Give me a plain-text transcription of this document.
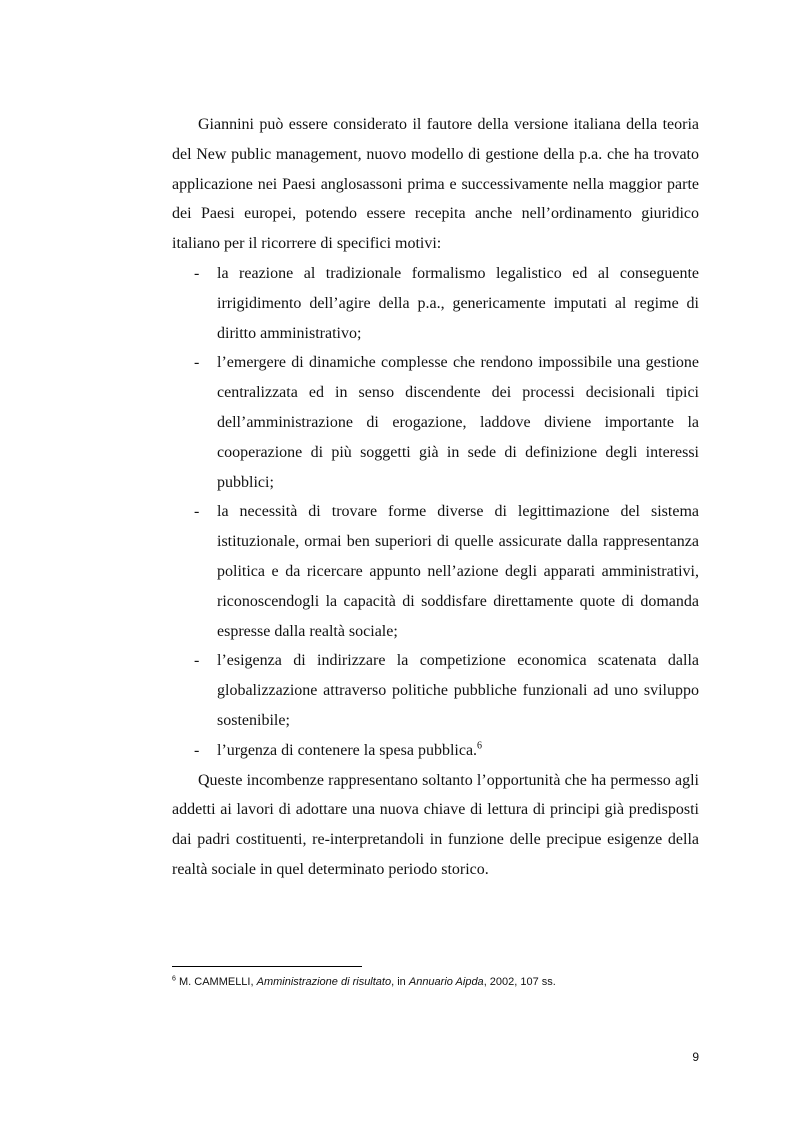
Giannini può essere considerato il fautore della versione italiana della teoria del New public management, nuovo modello di gestione della p.a. che ha trovato applicazione nei Paesi anglosassoni prima e successivamente nella maggior parte dei Paesi europei, potendo essere recepita anche nell’ordinamento giuridico italiano per il ricorrere di specifici motivi:

- la reazione al tradizionale formalismo legalistico ed al conseguente irrigidimento dell’agire della p.a., genericamente imputati al regime di diritto amministrativo;
- l’emergere di dinamiche complesse che rendono impossibile una gestione centralizzata ed in senso discendente dei processi decisionali tipici dell’amministrazione di erogazione, laddove diviene importante la cooperazione di più soggetti già in sede di definizione degli interessi pubblici;
- la necessità di trovare forme diverse di legittimazione del sistema istituzionale, ormai ben superiori di quelle assicurate dalla rappresentanza politica e da ricercare appunto nell’azione degli apparati amministrativi, riconoscendogli la capacità di soddisfare direttamente quote di domanda espresse dalla realtà sociale;
- l’esigenza di indirizzare la competizione economica scatenata dalla globalizzazione attraverso politiche pubbliche funzionali ad uno sviluppo sostenibile;
- l’urgenza di contenere la spesa pubblica.$^6$

Queste incombenze rappresentano soltanto l’opportunità che ha permesso agli addetti ai lavori di adottare una nuova chiave di lettura di principi già predisposti dai padri costituenti, re-interpretandoli in funzione delle precipue esigenze della realtà sociale in quel determinato periodo storico.

$^6$ M. CAMMELLI, Amministrazione di risultato, in Annuario Aipda, 2002, 107 ss.
9
